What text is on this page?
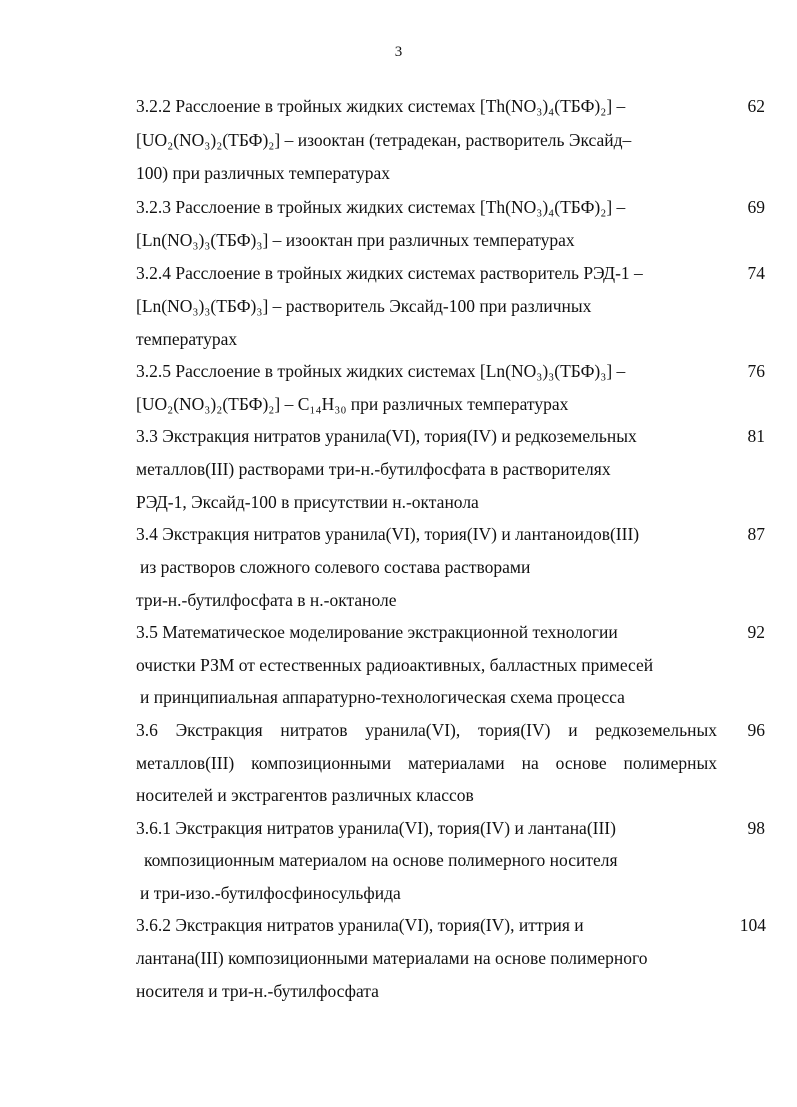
3
3.2.2 Расслоение в тройных жидких системах [Th(NO₃)₄(ТБФ)₂] –
[UO₂(NO₃)₂(ТБФ)₂] – изооктан (тетрадекан, растворитель Эксайд–
100) при различных температурах
62
3.2.3 Расслоение в тройных жидких системах [Th(NO₃)₄(ТБФ)₂] –
[Ln(NO₃)₃(ТБФ)₃] – изооктан при различных температурах
69
3.2.4 Расслоение в тройных жидких системах растворитель РЭД-1 –
[Ln(NO₃)₃(ТБФ)₃] – растворитель Эксайд-100 при различных
температурах
74
3.2.5 Расслоение в тройных жидких системах [Ln(NO₃)₃(ТБФ)₃] –
[UO₂(NO₃)₂(ТБФ)₂] – C₁₄H₃₀ при различных температурах
76
3.3 Экстракция нитратов уранила(VI), тория(IV) и редкоземельных
металлов(III) растворами три-н.-бутилфосфата в растворителях
РЭД-1, Эксайд-100 в присутствии н.-октанола
81
3.4 Экстракция нитратов уранила(VI), тория(IV) и лантаноидов(III)
из растворов сложного солевого состава растворами
три-н.-бутилфосфата в н.-октаноле
87
3.5 Математическое моделирование экстракционной технологии
очистки РЗМ от естественных радиоактивных, балластных примесей
и принципиальная аппаратурно-технологическая схема процесса
92
3.6 Экстракция нитратов уранила(VI), тория(IV) и редкоземельных
металлов(III) композиционными материалами на основе полимерных
носителей и экстрагентов различных классов
96
3.6.1 Экстракция нитратов уранила(VI), тория(IV) и лантана(III)
композиционным материалом на основе полимерного носителя
и три-изо.-бутилфосфиносульфида
98
3.6.2 Экстракция нитратов уранила(VI), тория(IV), иттрия и
лантана(III) композиционными материалами на основе полимерного
носителя и три-н.-бутилфосфата
104
